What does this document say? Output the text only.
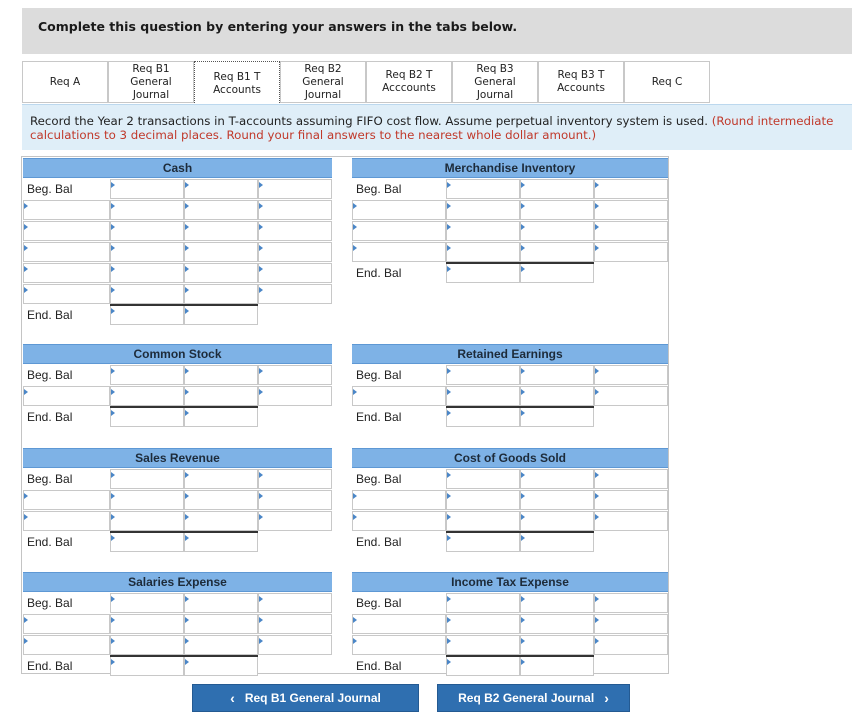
Complete this question by entering your answers in the tabs below.
Req A
Req B1
General
Journal
Req B1 T
Accounts
Req B2
General
Journal
Req B2 T
Acccounts
Req B3
General
Journal
Req B3 T
Accounts
Req C
Record the Year 2 transactions in T-accounts assuming FIFO cost flow. Assume perpetual inventory system is used. (Round intermediate calculations to 3 decimal places. Round your final answers to the nearest whole dollar amount.)
Cash
Beg. Bal
End. Bal
Merchandise Inventory
Beg. Bal
End. Bal
Common Stock
Beg. Bal
End. Bal
Retained Earnings
Beg. Bal
End. Bal
Sales Revenue
Beg. Bal
End. Bal
Cost of Goods Sold
Beg. Bal
End. Bal
Salaries Expense
Beg. Bal
End. Bal
Income Tax Expense
Beg. Bal
End. Bal
‹ Req B1 General Journal	Req B2 General Journal ›
